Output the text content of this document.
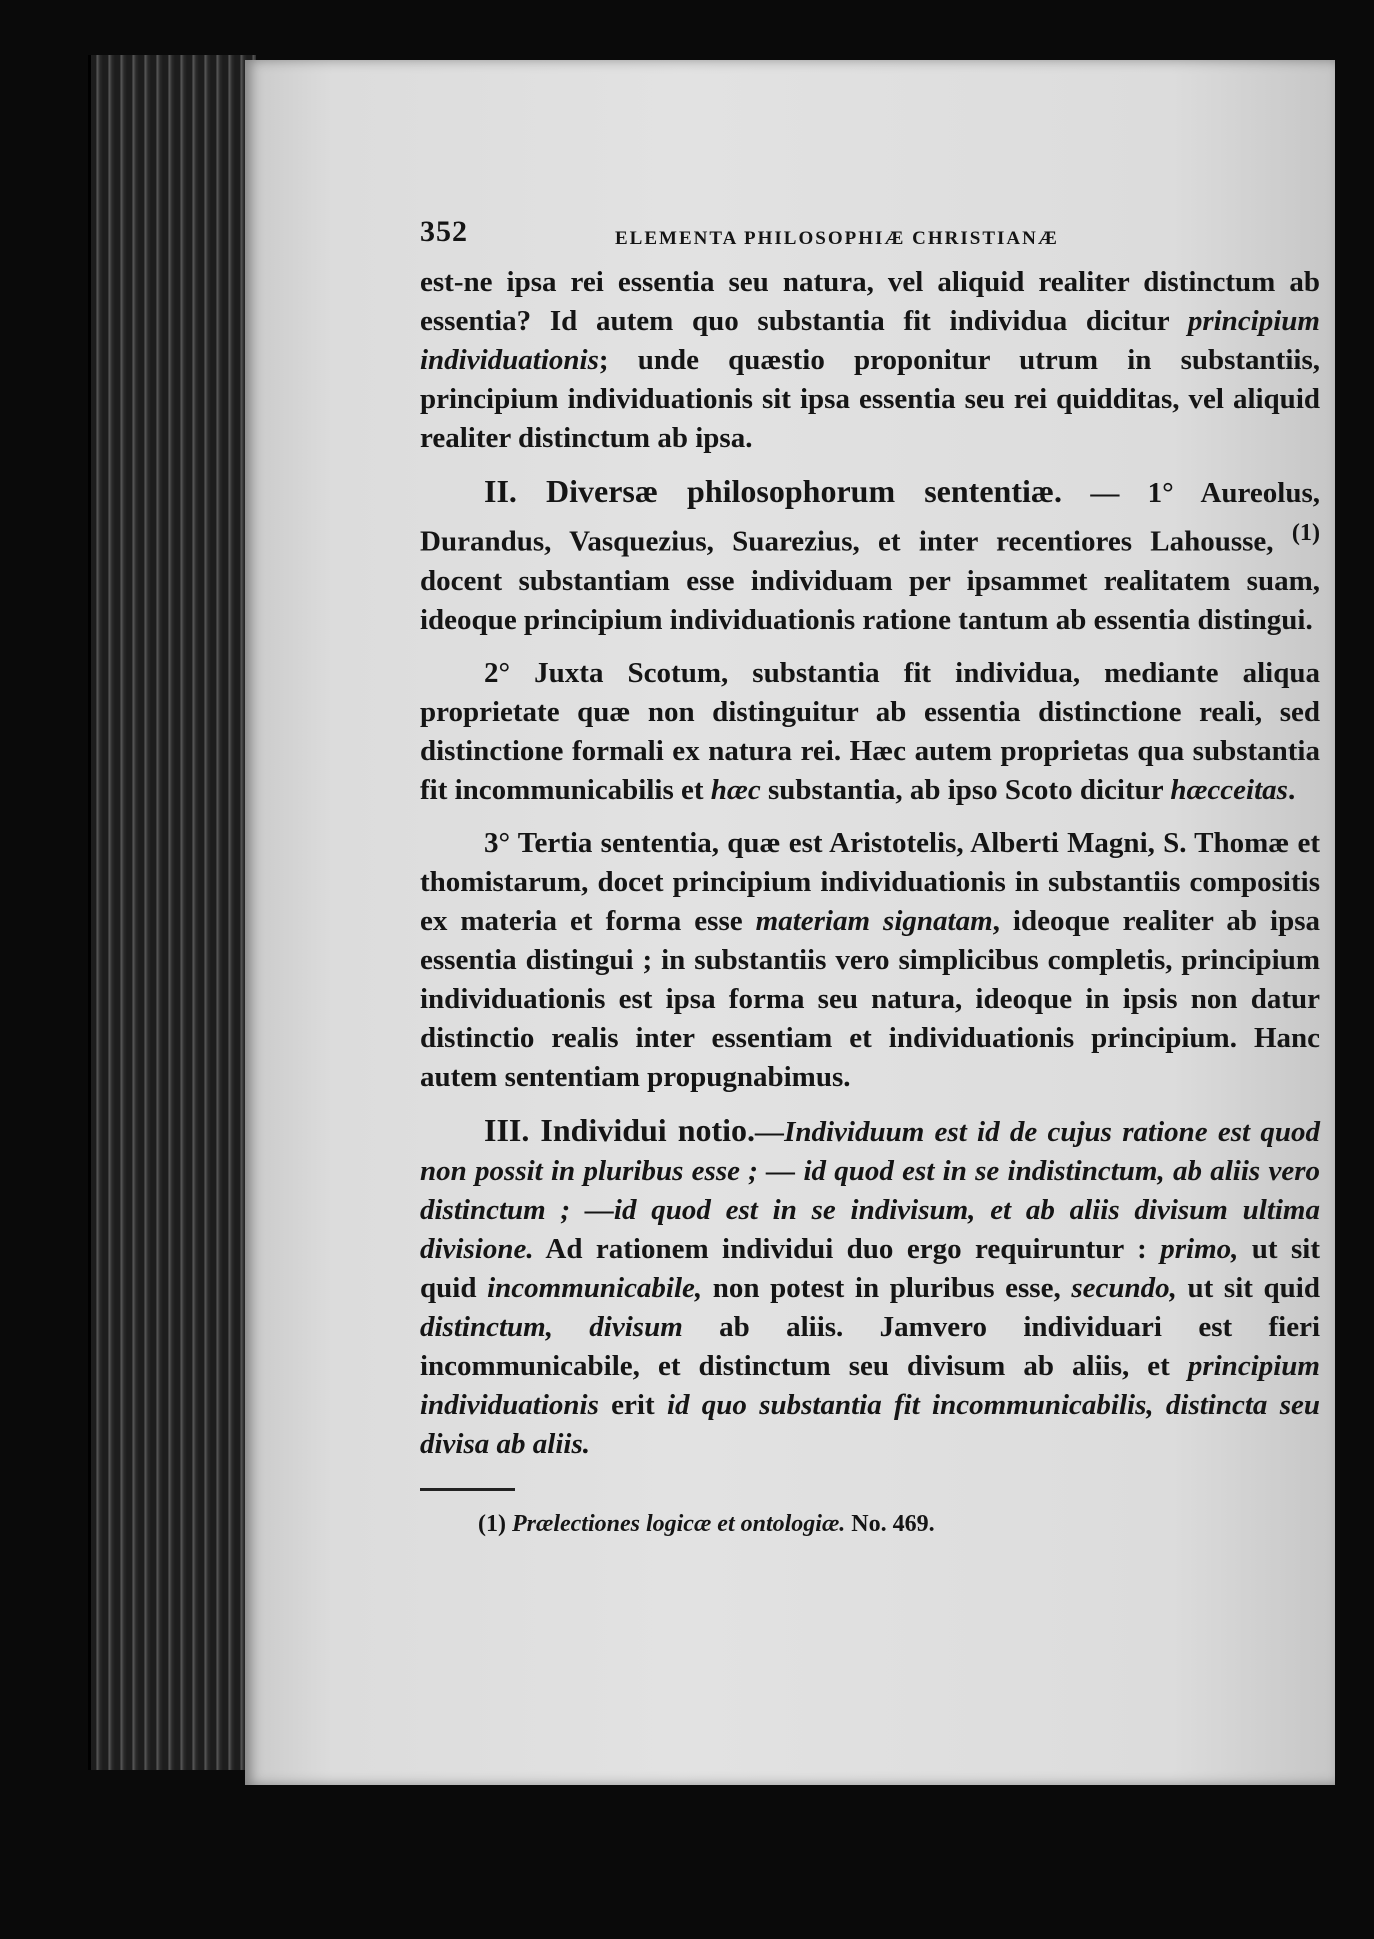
352	ELEMENTA PHILOSOPHIÆ CHRISTIANÆ

est-ne ipsa rei essentia seu natura, vel aliquid realiter distinctum ab essentia? Id autem quo substantia fit individua dicitur principium individuationis; unde quæstio proponitur utrum in substantiis, principium individuationis sit ipsa essentia seu rei quidditas, vel aliquid realiter distinctum ab ipsa.

II. Diversæ philosophorum sententiæ. — 1° Aureolus, Durandus, Vasquezius, Suarezius, et inter recentiores Lahousse, $^{(1)}$ docent substantiam esse individuam per ipsammet realitatem suam, ideoque principium individuationis ratione tantum ab essentia distingui.

2° Juxta Scotum, substantia fit individua, mediante aliqua proprietate quæ non distinguitur ab essentia distinctione reali, sed distinctione formali ex natura rei. Hæc autem proprietas qua substantia fit incommunicabilis et hæc substantia, ab ipso Scoto dicitur hæcceitas.

3° Tertia sententia, quæ est Aristotelis, Alberti Magni, S. Thomæ et thomistarum, docet principium individuationis in substantiis compositis ex materia et forma esse materiam signatam, ideoque realiter ab ipsa essentia distingui ; in substantiis vero simplicibus completis, principium individuationis est ipsa forma seu natura, ideoque in ipsis non datur distinctio realis inter essentiam et individuationis principium. Hanc autem sententiam propugnabimus.

III. Individui notio.—Individuum est id de cujus ratione est quod non possit in pluribus esse ; — id quod est in se indistinctum, ab aliis vero distinctum ; —id quod est in se indivisum, et ab aliis divisum ultima divisione. Ad rationem individui duo ergo requiruntur : primo, ut sit quid incommunicabile, non potest in pluribus esse, secundo, ut sit quid distinctum, divisum ab aliis. Jamvero individuari est fieri incommunicabile, et distinctum seu divisum ab aliis, et principium individuationis erit id quo substantia fit incommunicabilis, distincta seu divisa ab aliis.

(1) Prælectiones logicæ et ontologiæ. No. 469.
